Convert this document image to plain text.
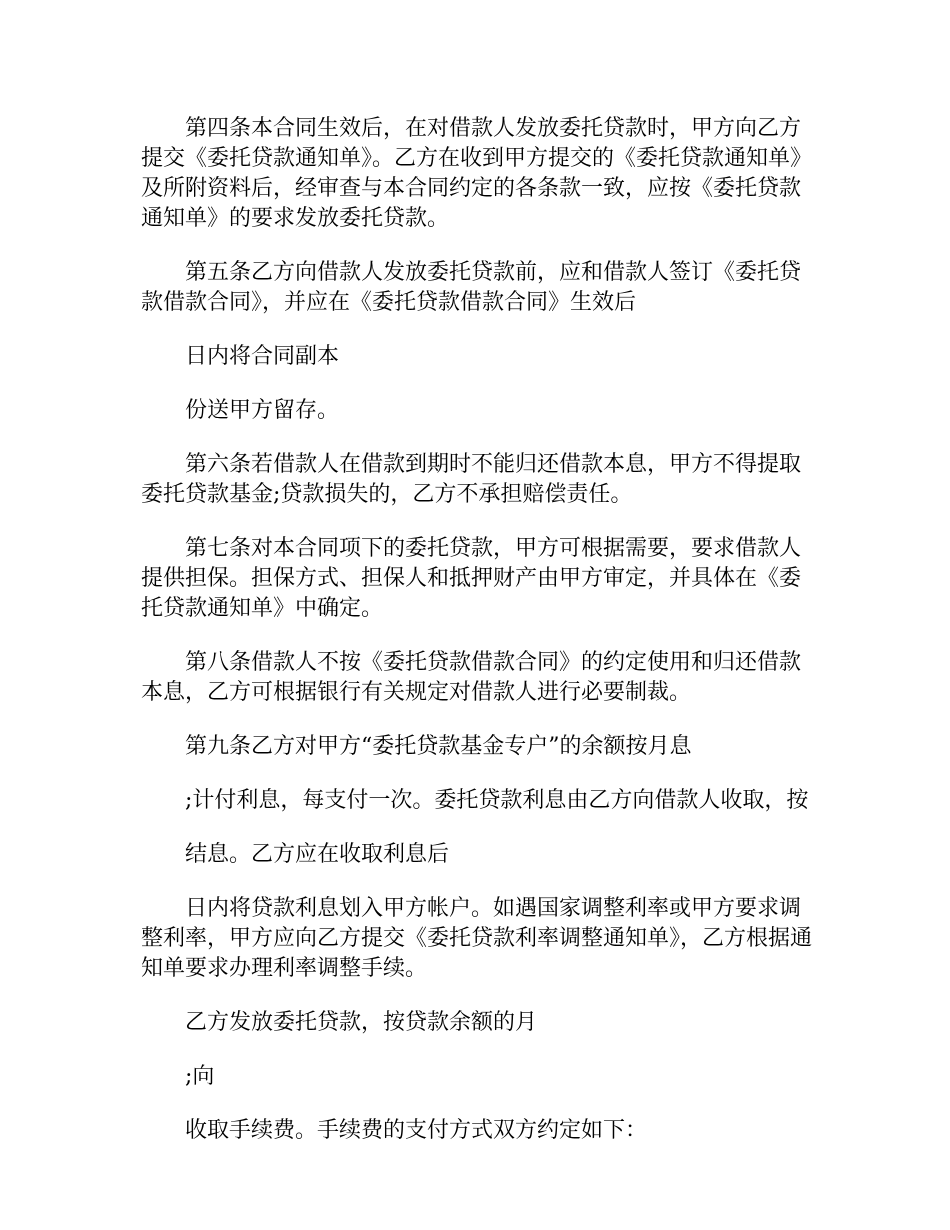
第四条本合同生效后，在对借款人发放委托贷款时，甲方向乙方提交《委托贷款通知单》。乙方在收到甲方提交的《委托贷款通知单》及所附资料后，经审查与本合同约定的各条款一致，应按《委托贷款通知单》的要求发放委托贷款。

第五条乙方向借款人发放委托贷款前，应和借款人签订《委托贷款借款合同》，并应在《委托贷款借款合同》生效后

日内将合同副本

份送甲方留存。

第六条若借款人在借款到期时不能归还借款本息，甲方不得提取委托贷款基金;贷款损失的，乙方不承担赔偿责任。

第七条对本合同项下的委托贷款，甲方可根据需要，要求借款人提供担保。担保方式、担保人和抵押财产由甲方审定，并具体在《委托贷款通知单》中确定。

第八条借款人不按《委托贷款借款合同》的约定使用和归还借款本息，乙方可根据银行有关规定对借款人进行必要制裁。

第九条乙方对甲方“委托贷款基金专户”的余额按月息

;计付利息，每支付一次。委托贷款利息由乙方向借款人收取，按

结息。乙方应在收取利息后

日内将贷款利息划入甲方帐户。如遇国家调整利率或甲方要求调整利率，甲方应向乙方提交《委托贷款利率调整通知单》，乙方根据通知单要求办理利率调整手续。

乙方发放委托贷款，按贷款余额的月

;向

收取手续费。手续费的支付方式双方约定如下：
